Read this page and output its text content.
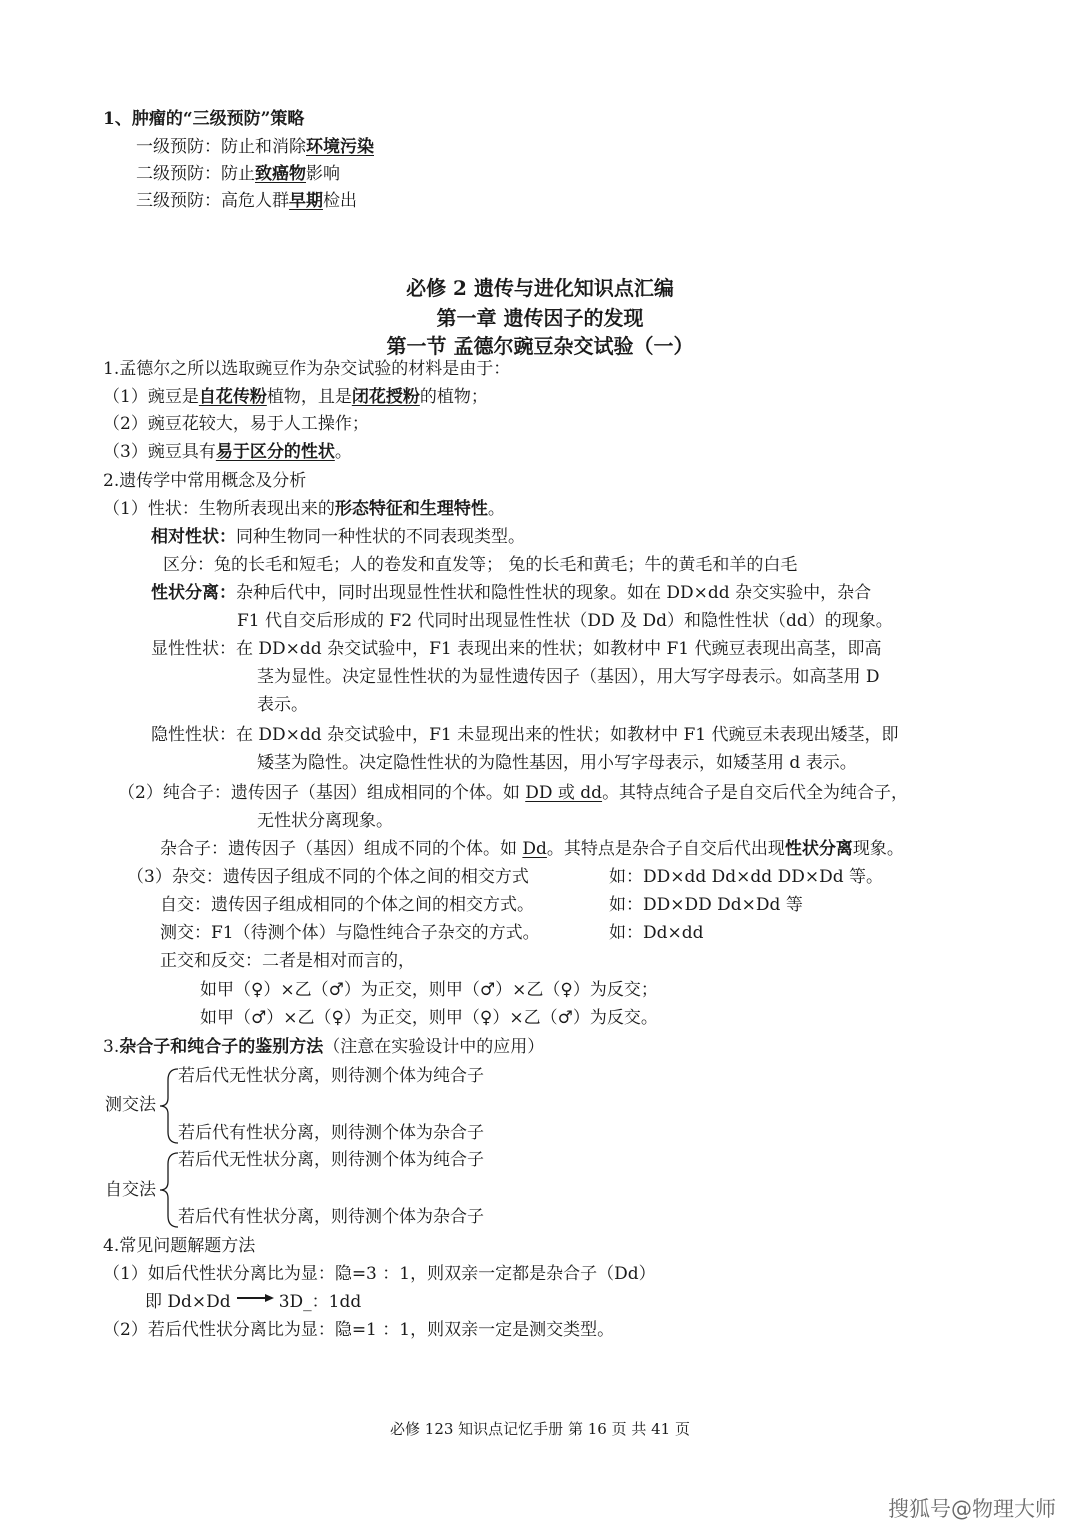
1、肿瘤的“三级预防”策略
一级预防：防止和消除环境污染
二级预防：防止致癌物影响
三级预防：高危人群早期检出
必修 2 遗传与进化知识点汇编
第一章 遗传因子的发现
第一节 孟德尔豌豆杂交试验（一）
1.孟德尔之所以选取豌豆作为杂交试验的材料是由于：
（1）豌豆是自花传粉植物，且是闭花授粉的植物；
（2）豌豆花较大，易于人工操作；
（3）豌豆具有易于区分的性状。
2.遗传学中常用概念及分析
（1）性状：生物所表现出来的形态特征和生理特性。
相对性状：同种生物同一种性状的不同表现类型。
区分：兔的长毛和短毛；人的卷发和直发等； 兔的长毛和黄毛；牛的黄毛和羊的白毛
性状分离：杂种后代中，同时出现显性性状和隐性性状的现象。如在 DD×dd 杂交实验中，杂合
F1 代自交后形成的 F2 代同时出现显性性状（DD 及 Dd）和隐性性状（dd）的现象。
显性性状：在 DD×dd 杂交试验中，F1 表现出来的性状；如教材中 F1 代豌豆表现出高茎，即高
茎为显性。决定显性性状的为显性遗传因子（基因），用大写字母表示。如高茎用 D
表示。
隐性性状：在 DD×dd 杂交试验中，F1 未显现出来的性状；如教材中 F1 代豌豆未表现出矮茎，即
矮茎为隐性。决定隐性性状的为隐性基因，用小写字母表示，如矮茎用 d 表示。
（2）纯合子：遗传因子（基因）组成相同的个体。如 DD 或 dd。其特点纯合子是自交后代全为纯合子，
无性状分离现象。
杂合子：遗传因子（基因）组成不同的个体。如 Dd。其特点是杂合子自交后代出现性状分离现象。
（3）杂交：遗传因子组成不同的个体之间的相交方式	如：DD×dd Dd×dd DD×Dd 等。
自交：遗传因子组成相同的个体之间的相交方式。	如：DD×DD Dd×Dd 等
测交：F1（待测个体）与隐性纯合子杂交的方式。	如：Dd×dd
正交和反交：二者是相对而言的，
如甲（♀）×乙（♂）为正交，则甲（♂）×乙（♀）为反交；
如甲（♂）×乙（♀）为正交，则甲（♀）×乙（♂）为反交。
3.杂合子和纯合子的鉴别方法（注意在实验设计中的应用）
测交法
若后代无性状分离，则待测个体为纯合子
若后代有性状分离，则待测个体为杂合子
自交法
若后代无性状分离，则待测个体为纯合子
若后代有性状分离，则待测个体为杂合子
4.常见问题解题方法
（1）如后代性状分离比为显：隐=3 ：1，则双亲一定都是杂合子（Dd）
即 Dd×Dd	3D_：1dd
（2）若后代性状分离比为显：隐=1 ：1，则双亲一定是测交类型。
必修 123 知识点记忆手册 第 16 页 共 41 页
搜狐号@物理大师
